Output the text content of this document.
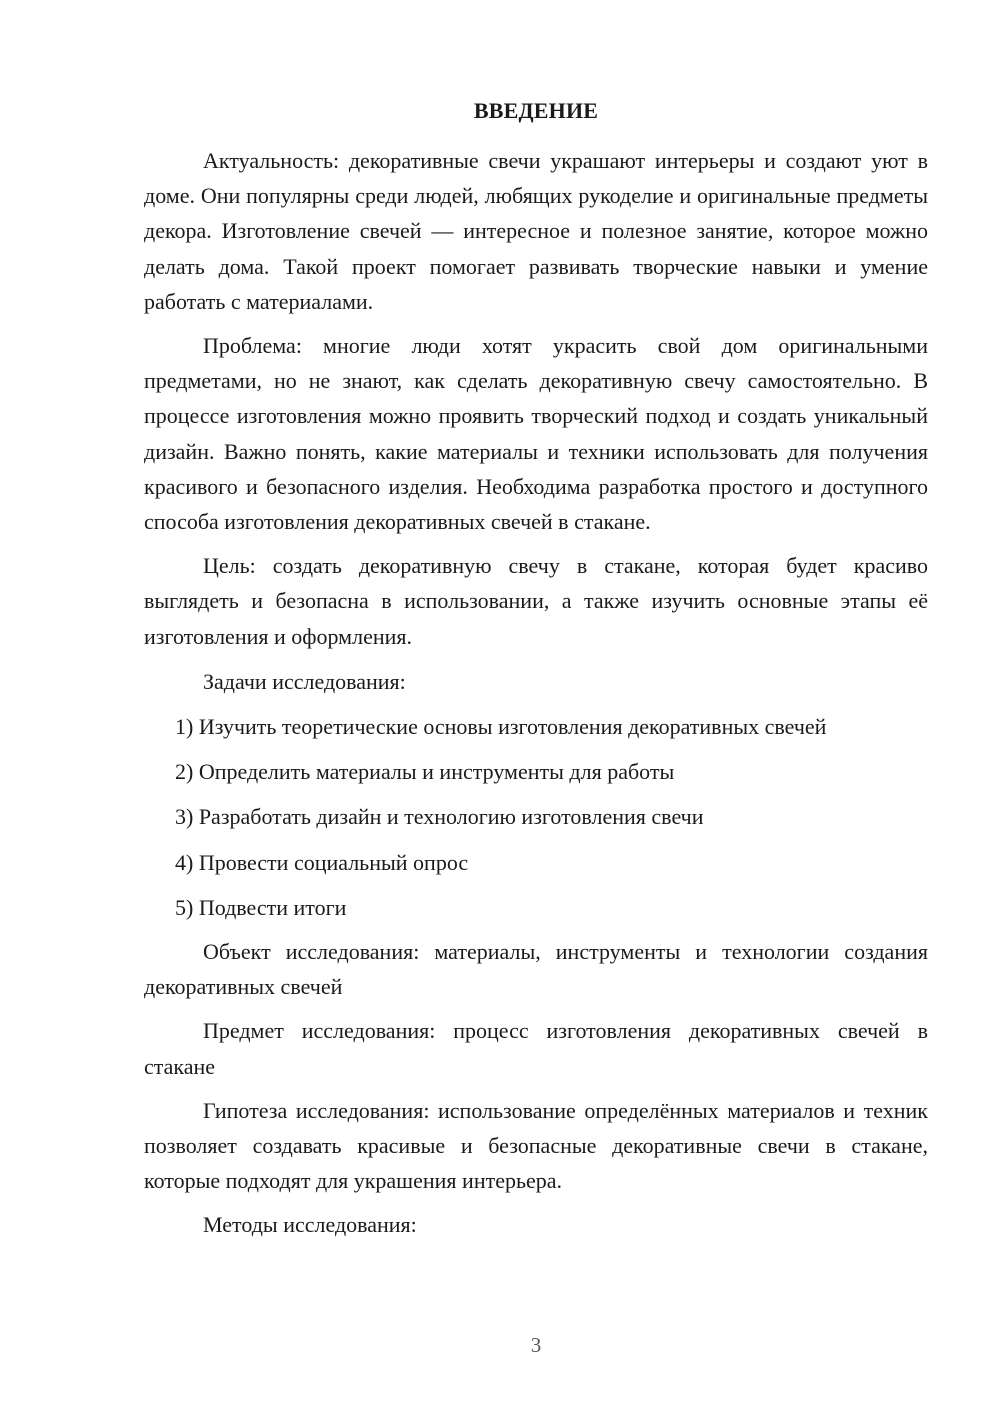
ВВЕДЕНИЕ

Актуальность: декоративные свечи украшают интерьеры и создают уют в доме. Они популярны среди людей, любящих рукоделие и оригинальные предметы декора. Изготовление свечей — интересное и полезное занятие, которое можно делать дома. Такой проект помогает развивать творческие навыки и умение работать с материалами.

Проблема: многие люди хотят украсить свой дом оригинальными предметами, но не знают, как сделать декоративную свечу самостоятельно. В процессе изготовления можно проявить творческий подход и создать уникальный дизайн. Важно понять, какие материалы и техники использовать для получения красивого и безопасного изделия. Необходима разработка простого и доступного способа изготовления декоративных свечей в стакане.

Цель: создать декоративную свечу в стакане, которая будет красиво выглядеть и безопасна в использовании, а также изучить основные этапы её изготовления и оформления.

Задачи исследования:

1) Изучить теоретические основы изготовления декоративных свечей
2) Определить материалы и инструменты для работы
3) Разработать дизайн и технологию изготовления свечи
4) Провести социальный опрос
5) Подвести итоги

Объект исследования: материалы, инструменты и технологии создания декоративных свечей

Предмет исследования: процесс изготовления декоративных свечей в стакане

Гипотеза исследования: использование определённых материалов и техник позволяет создавать красивые и безопасные декоративные свечи в стакане, которые подходят для украшения интерьера.

Методы исследования:

3
